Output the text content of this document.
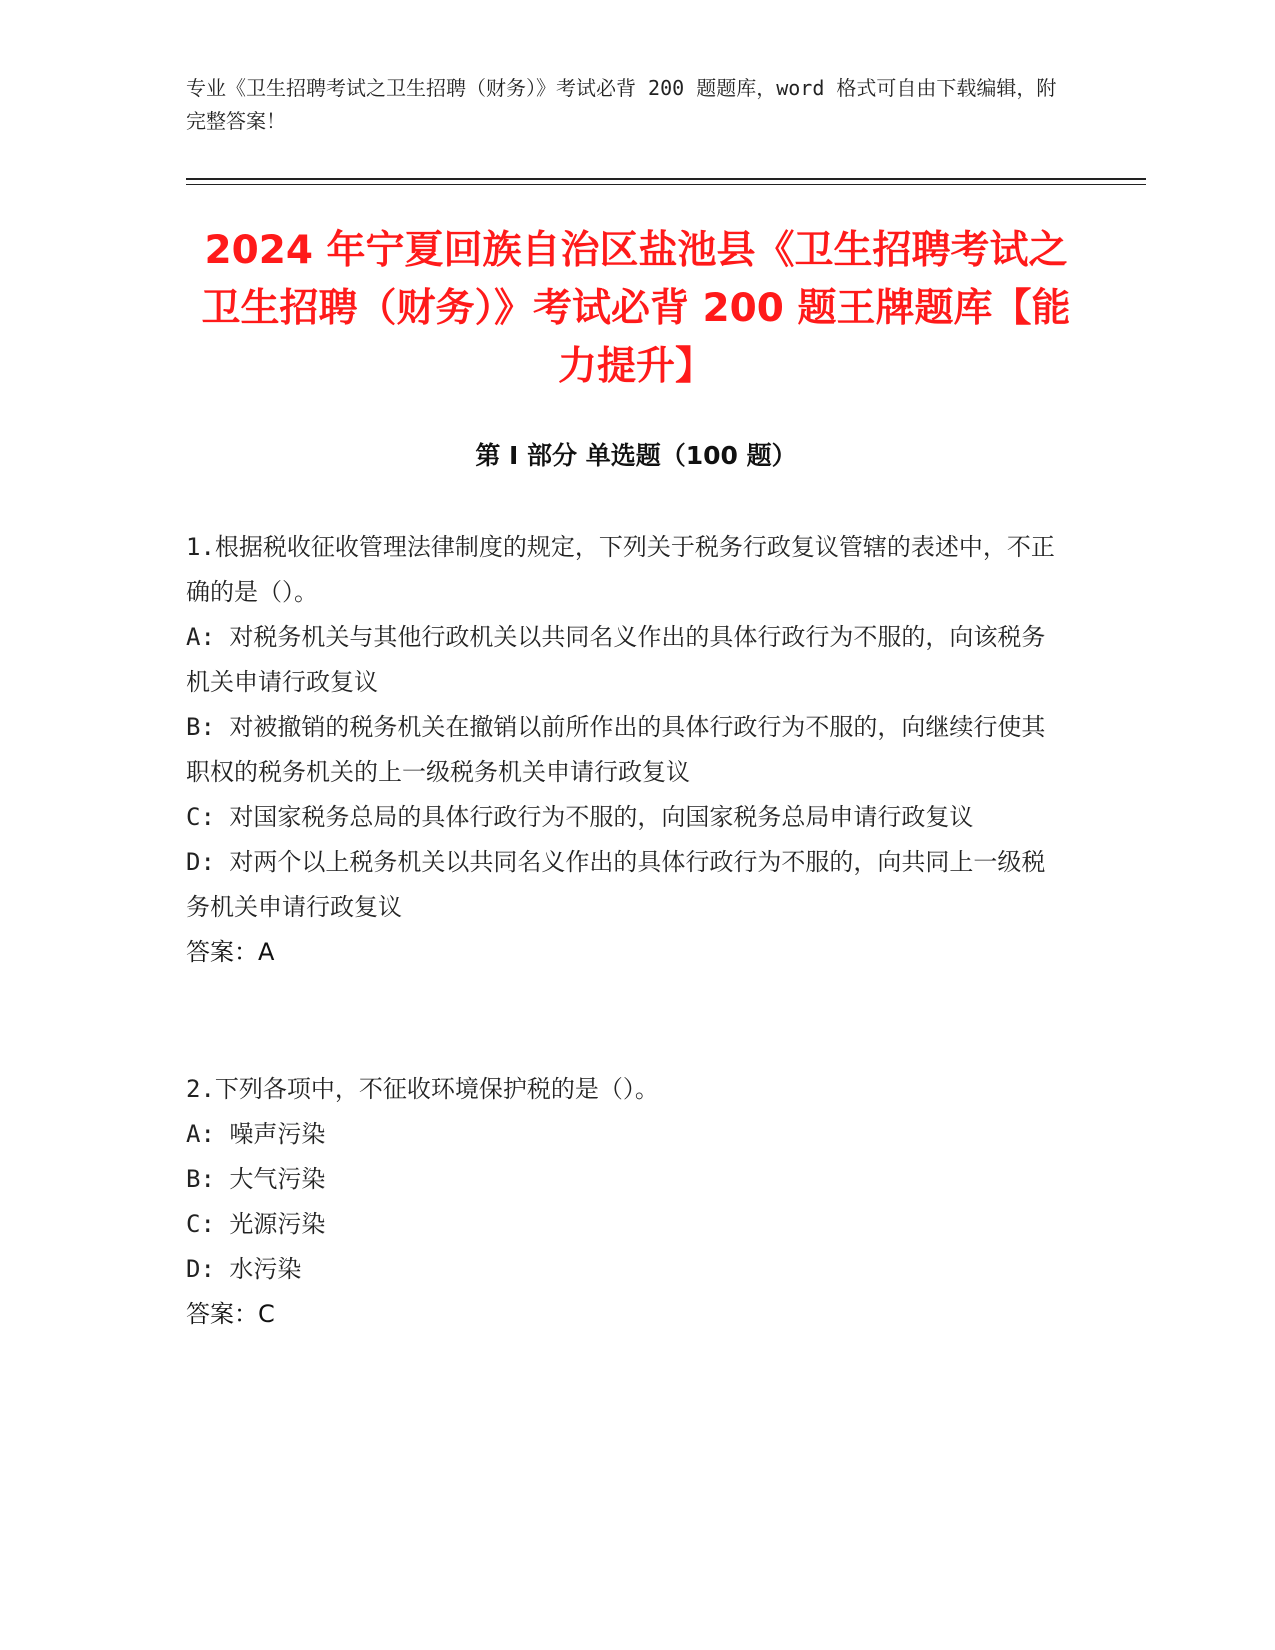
专业《卫生招聘考试之卫生招聘（财务）》考试必背 200 题题库，word 格式可自由下载编辑，附完整答案！
2024 年宁夏回族自治区盐池县《卫生招聘考试之卫生招聘（财务）》考试必背 200 题王牌题库【能力提升】
第 I 部分 单选题（100 题）

1.根据税收征收管理法律制度的规定，下列关于税务行政复议管辖的表述中，不正确的是（）。

A: 对税务机关与其他行政机关以共同名义作出的具体行政行为不服的，向该税务机关申请行政复议

B: 对被撤销的税务机关在撤销以前所作出的具体行政行为不服的，向继续行使其职权的税务机关的上一级税务机关申请行政复议

C: 对国家税务总局的具体行政行为不服的，向国家税务总局申请行政复议

D: 对两个以上税务机关以共同名义作出的具体行政行为不服的，向共同上一级税务机关申请行政复议

答案：A

2.下列各项中，不征收环境保护税的是（）。

A: 噪声污染

B: 大气污染

C: 光源污染

D: 水污染

答案：C
